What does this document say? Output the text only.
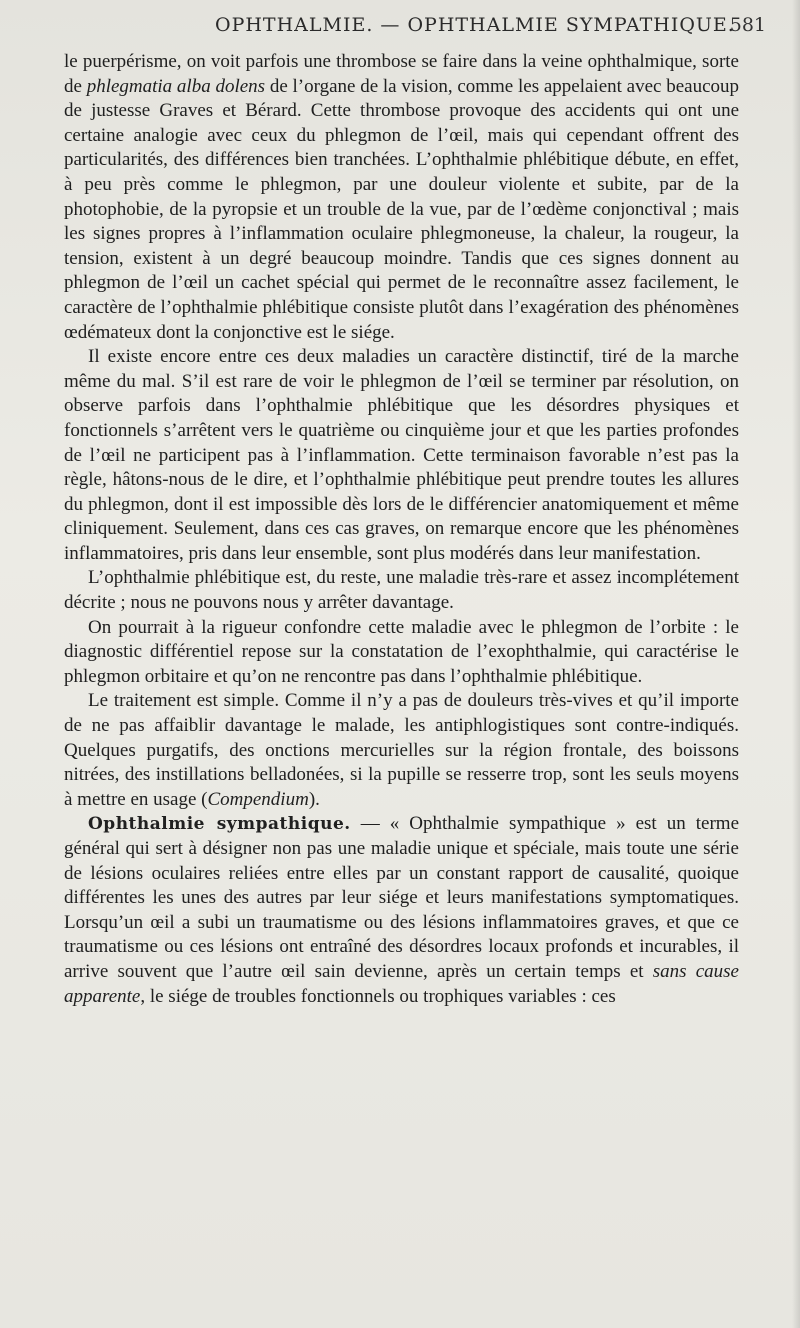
OPHTHALMIE. — OPHTHALMIE SYMPATHIQUE.
581

le puerpérisme, on voit parfois une thrombose se faire dans la veine ophthalmique, sorte de phlegmatia alba dolens de l’organe de la vision, comme les appelaient avec beaucoup de justesse Graves et Bérard. Cette thrombose provoque des accidents qui ont une certaine analogie avec ceux du phlegmon de l’œil, mais qui cependant offrent des particularités, des différences bien tranchées. L’ophthalmie phlébitique débute, en effet, à peu près comme le phlegmon, par une douleur violente et subite, par de la photophobie, de la pyropsie et un trouble de la vue, par de l’œdème conjonctival ; mais les signes propres à l’inflammation oculaire phlegmoneuse, la chaleur, la rougeur, la tension, existent à un degré beaucoup moindre. Tandis que ces signes donnent au phlegmon de l’œil un cachet spécial qui permet de le reconnaître assez facilement, le caractère de l’ophthalmie phlébitique consiste plutôt dans l’exagération des phénomènes œdémateux dont la conjonctive est le siége.

Il existe encore entre ces deux maladies un caractère distinctif, tiré de la marche même du mal. S’il est rare de voir le phlegmon de l’œil se terminer par résolution, on observe parfois dans l’ophthalmie phlébitique que les désordres physiques et fonctionnels s’arrêtent vers le quatrième ou cinquième jour et que les parties profondes de l’œil ne participent pas à l’inflammation. Cette terminaison favorable n’est pas la règle, hâtons-nous de le dire, et l’ophthalmie phlébitique peut prendre toutes les allures du phlegmon, dont il est impossible dès lors de le différencier anatomiquement et même cliniquement. Seulement, dans ces cas graves, on remarque encore que les phénomènes inflammatoires, pris dans leur ensemble, sont plus modérés dans leur manifestation.

L’ophthalmie phlébitique est, du reste, une maladie très-rare et assez incomplétement décrite ; nous ne pouvons nous y arrêter davantage.

On pourrait à la rigueur confondre cette maladie avec le phlegmon de l’orbite : le diagnostic différentiel repose sur la constatation de l’exophthalmie, qui caractérise le phlegmon orbitaire et qu’on ne rencontre pas dans l’ophthalmie phlébitique.

Le traitement est simple. Comme il n’y a pas de douleurs très-vives et qu’il importe de ne pas affaiblir davantage le malade, les antiphlogistiques sont contre-indiqués. Quelques purgatifs, des onctions mercurielles sur la région frontale, des boissons nitrées, des instillations belladonées, si la pupille se resserre trop, sont les seuls moyens à mettre en usage (Compendium).

Ophthalmie sympathique. — « Ophthalmie sympathique » est un terme général qui sert à désigner non pas une maladie unique et spéciale, mais toute une série de lésions oculaires reliées entre elles par un constant rapport de causalité, quoique différentes les unes des autres par leur siége et leurs manifestations symptomatiques. Lorsqu’un œil a subi un traumatisme ou des lésions inflammatoires graves, et que ce traumatisme ou ces lésions ont entraîné des désordres locaux profonds et incurables, il arrive souvent que l’autre œil sain devienne, après un certain temps et sans cause apparente, le siége de troubles fonctionnels ou trophiques variables : ces
